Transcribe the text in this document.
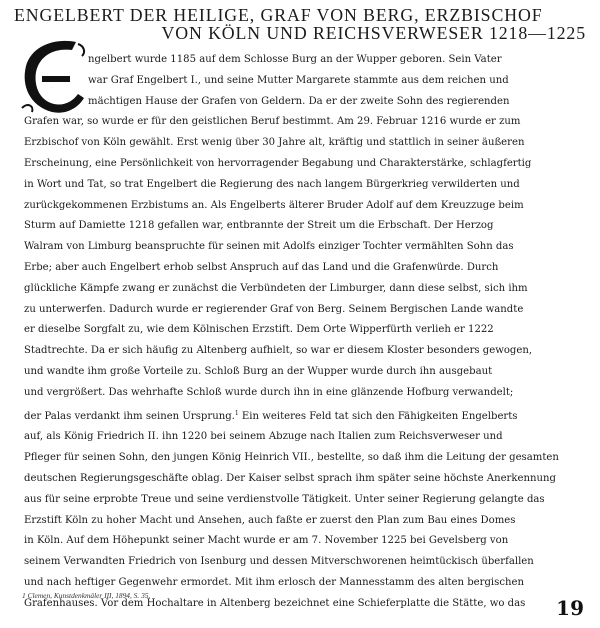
ENGELBERT DER HEILIGE, GRAF VON BERG, ERZBISCHOF
VON KÖLN UND REICHSVERWESER 1218—1225
E
ngelbert wurde 1185 auf dem Schlosse Burg an der Wupper geboren. Sein Vater
war Graf Engelbert I., und seine Mutter Margarete stammte aus dem reichen und
mächtigen Hause der Grafen von Geldern. Da er der zweite Sohn des regierenden
Grafen war, so wurde er für den geistlichen Beruf bestimmt. Am 29. Februar 1216 wurde er zum
Erzbischof von Köln gewählt. Erst wenig über 30 Jahre alt, kräftig und stattlich in seiner äußeren
Erscheinung, eine Persönlichkeit von hervorragender Begabung und Charakterstärke, schlagfertig
in Wort und Tat, so trat Engelbert die Regierung des nach langem Bürgerkrieg verwilderten und
zurückgekommenen Erzbistums an. Als Engelberts älterer Bruder Adolf auf dem Kreuzzuge beim
Sturm auf Damiette 1218 gefallen war, entbrannte der Streit um die Erbschaft. Der Herzog
Walram von Limburg beanspruchte für seinen mit Adolfs einziger Tochter vermählten Sohn das
Erbe; aber auch Engelbert erhob selbst Anspruch auf das Land und die Grafenwürde. Durch
glückliche Kämpfe zwang er zunächst die Verbündeten der Limburger, dann diese selbst, sich ihm
zu unterwerfen. Dadurch wurde er regierender Graf von Berg. Seinem Bergischen Lande wandte
er dieselbe Sorgfalt zu, wie dem Kölnischen Erzstift. Dem Orte Wipperfürth verlieh er 1222
Stadtrechte. Da er sich häufig zu Altenberg aufhielt, so war er diesem Kloster besonders gewogen,
und wandte ihm große Vorteile zu. Schloß Burg an der Wupper wurde durch ihn ausgebaut
und vergrößert. Das wehrhafte Schloß wurde durch ihn in eine glänzende Hofburg verwandelt;
der Palas verdankt ihm seinen Ursprung.$^1$ Ein weiteres Feld tat sich den Fähigkeiten Engelberts
auf, als König Friedrich II. ihn 1220 bei seinem Abzuge nach Italien zum Reichsverweser und
Pfleger für seinen Sohn, den jungen König Heinrich VII., bestellte, so daß ihm die Leitung der gesamten
deutschen Regierungsgeschäfte oblag. Der Kaiser selbst sprach ihm später seine höchste Anerkennung
aus für seine erprobte Treue und seine verdienstvolle Tätigkeit. Unter seiner Regierung gelangte das
Erzstift Köln zu hoher Macht und Ansehen, auch faßte er zuerst den Plan zum Bau eines Domes
in Köln. Auf dem Höhepunkt seiner Macht wurde er am 7. November 1225 bei Gevelsberg von
seinem Verwandten Friedrich von Isenburg und dessen Mitverschworenen heimtückisch überfallen
und nach heftiger Gegenwehr ermordet. Mit ihm erlosch der Mannesstamm des alten bergischen
Grafenhauses. Vor dem Hochaltare in Altenberg bezeichnet eine Schieferplatte die Stätte, wo das
1 Clemen, Kunstdenkmäler III, 1894, S. 35.
19
